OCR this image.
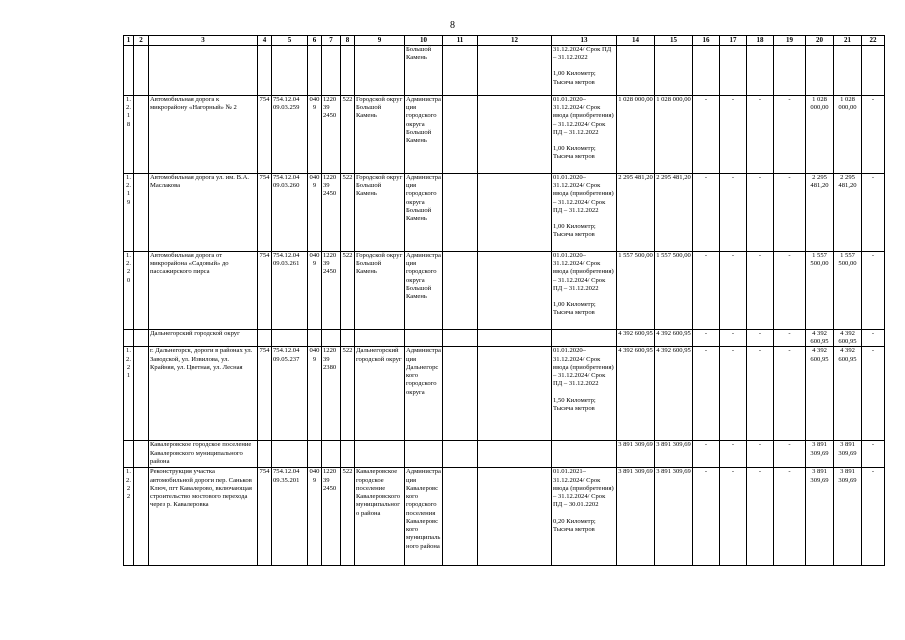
8
1	2	3	4	5	6	7	8	9	10	11	12	13	14	15	16	17	18	19	20	21	22
									Большой Камень			31.12.2024/ Срок ПД – 31.12.2022
1,00 Километр; Тысяча метров									
1.2.1 8		Автомобильная дорога к микрорайону «Нагорный» № 2	754	754.12.04 09.03.259	0409	122039 2450	522	Городской округ Большой Камень	Администрация городского округа Большой Камень			01.01.2020–31.12.2024/ Срок ввода (приобретения) – 31.12.2024/ Срок ПД – 31.12.2022
1,00 Километр; Тысяча метров	1 028 000,00	1 028 000,00	-	-	-	-	1 028 000,00	1 028 000,00	-
1.2.1 9		Автомобильная дорога ул. им. В.А. Маслакова	754	754.12.04 09.03.260	0409	122039 2450	522	Городской округ Большой Камень	Администрация городского округа Большой Камень			01.01.2020–31.12.2024/ Срок ввода (приобретения) – 31.12.2024/ Срок ПД – 31.12.2022
1,00 Километр; Тысяча метров	2 295 481,20	2 295 481,20	-	-	-	-	2 295 481,20	2 295 481,20	-
1.2.2 0		Автомобильная дорога от микрорайона «Садовый» до пассажирского пирса	754	754.12.04 09.03.261	0409	122039 2450	522	Городской округ Большой Камень	Администрация городского округа Большой Камень			01.01.2020–31.12.2024/ Срок ввода (приобретения) – 31.12.2024/ Срок ПД – 31.12.2022
1,00 Километр; Тысяча метров	1 557 500,00	1 557 500,00	-	-	-	-	1 557 500,00	1 557 500,00	-
		Дальнегорский городской округ											4 392 600,95	4 392 600,95	-	-	-	-	4 392 600,95	4 392 600,95	-
1.2.2 1		г. Дальнегорск, дороги в районах ул. Заводской, ул. Извилова, ул. Крайняя, ул. Цветная, ул. Лесная	754	754.12.04 09.05.237	0409	122039 2380	522	Дальнегорский городской округ	Администрация Дальнегорского городского округа			01.01.2020–31.12.2024/ Срок ввода (приобретения) – 31.12.2024/ Срок ПД – 31.12.2022
1,50 Километр; Тысяча метров	4 392 600,95	4 392 600,95	-	-	-	-	4 392 600,95	4 392 600,95	-
		Кавалеровское городское поселение Кавалеровского муниципального района											3 891 309,69	3 891 309,69	-	-	-	-	3 891 309,69	3 891 309,69	-
1.2.2 2		Реконструкция участка автомобильной дороги пер. Саньков Ключ, пгт Кавалерово, включающая строительство мостового перехода через р. Кавалеровка	754	754.12.04 09.35.201	0409	122039 2450	522	Кавалеровское городское поселение Кавалеровского муниципального района	Администрация Кавалеровского городского поселения Кавалеровского муниципального района			01.01.2021–31.12.2024/ Срок ввода (приобретения) – 31.12.2024/ Срок ПД – 30.01.2202
0,20 Километр; Тысяча метров	3 891 309,69	3 891 309,69	-	-	-	-	3 891 309,69	3 891 309,69	-
